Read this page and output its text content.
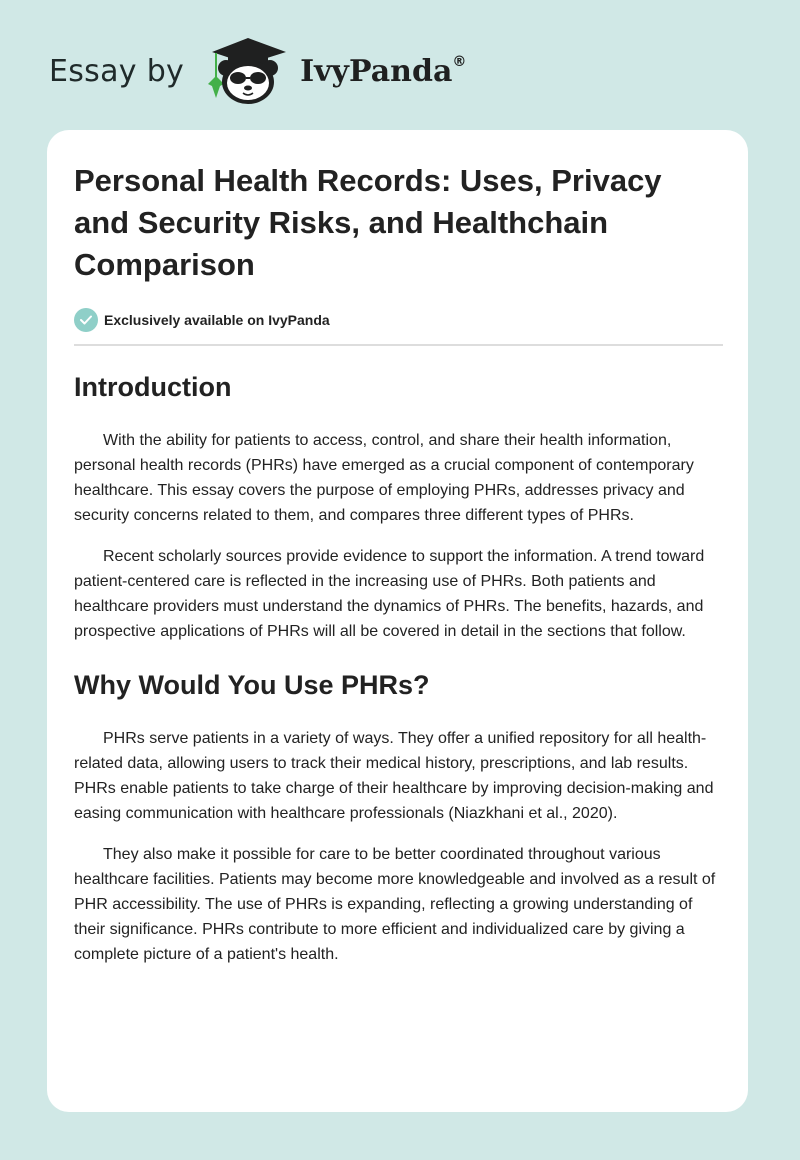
Essay by	IvyPanda®
Personal Health Records: Uses, Privacy and Security Risks, and Healthchain Comparison
Exclusively available on IvyPanda
Introduction

With the ability for patients to access, control, and share their health information, personal health records (PHRs) have emerged as a crucial component of contemporary healthcare. This essay covers the purpose of employing PHRs, addresses privacy and security concerns related to them, and compares three different types of PHRs.

Recent scholarly sources provide evidence to support the information. A trend toward patient-centered care is reflected in the increasing use of PHRs. Both patients and healthcare providers must understand the dynamics of PHRs. The benefits, hazards, and prospective applications of PHRs will all be covered in detail in the sections that follow.

Why Would You Use PHRs?

PHRs serve patients in a variety of ways. They offer a unified repository for all health-related data, allowing users to track their medical history, prescriptions, and lab results. PHRs enable patients to take charge of their healthcare by improving decision-making and easing communication with healthcare professionals (Niazkhani et al., 2020).

They also make it possible for care to be better coordinated throughout various healthcare facilities. Patients may become more knowledgeable and involved as a result of PHR accessibility. The use of PHRs is expanding, reflecting a growing understanding of their significance. PHRs contribute to more efficient and individualized care by giving a complete picture of a patient's health.
